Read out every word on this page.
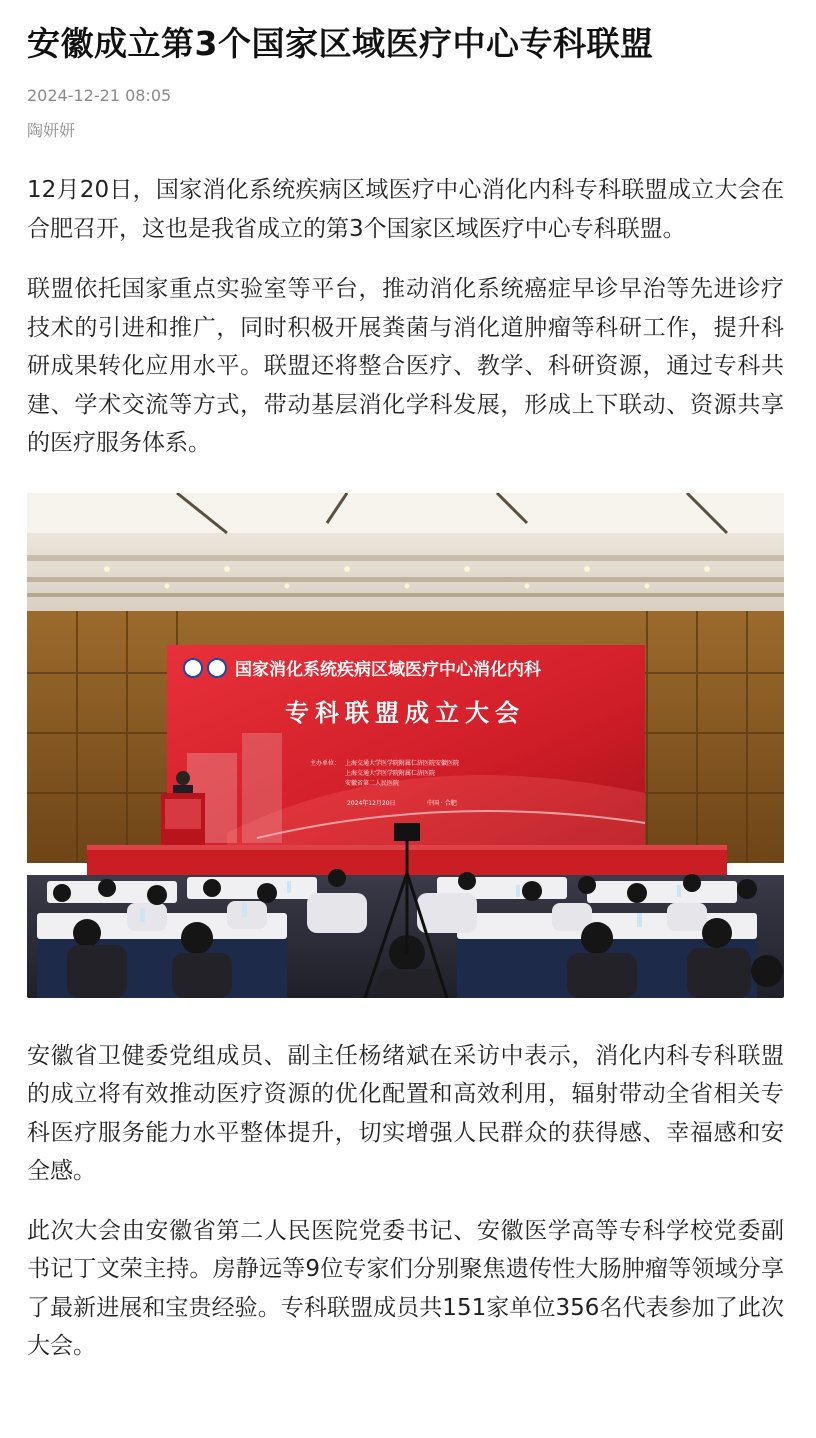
安徽成立第3个国家区域医疗中心专科联盟
2024-12-21 08:05
陶妍妍

12月20日，国家消化系统疾病区域医疗中心消化内科专科联盟成立大会在合肥召开，这也是我省成立的第3个国家区域医疗中心专科联盟。

联盟依托国家重点实验室等平台，推动消化系统癌症早诊早治等先进诊疗技术的引进和推广，同时积极开展粪菌与消化道肿瘤等科研工作，提升科研成果转化应用水平。联盟还将整合医疗、教学、科研资源，通过专科共建、学术交流等方式，带动基层消化学科发展，形成上下联动、资源共享的医疗服务体系。

国家消化系统疾病区域医疗中心消化内科
专科联盟成立大会
主办单位： 上海交通大学医学院附属仁济医院安徽医院
上海交通大学医学院附属仁济医院
安徽省第二人民医院
2024年12月20日	中国 · 合肥

安徽省卫健委党组成员、副主任杨绪斌在采访中表示，消化内科专科联盟的成立将有效推动医疗资源的优化配置和高效利用，辐射带动全省相关专科医疗服务能力水平整体提升，切实增强人民群众的获得感、幸福感和安全感。

此次大会由安徽省第二人民医院党委书记、安徽医学高等专科学校党委副书记丁文荣主持。房静远等9位专家们分别聚焦遗传性大肠肿瘤等领域分享了最新进展和宝贵经验。专科联盟成员共151家单位356名代表参加了此次大会。
